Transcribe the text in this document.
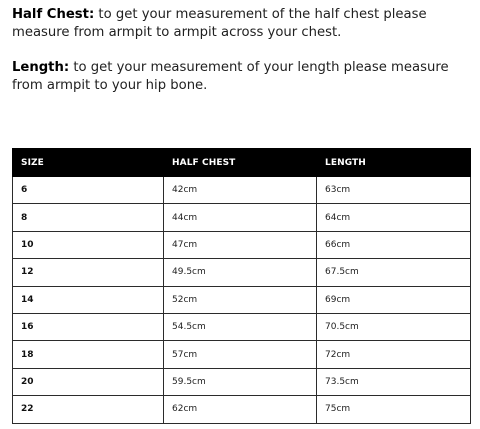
Half Chest: to get your measurement of the half chest please measure from armpit to armpit across your chest.

Length: to get your measurement of your length please measure from armpit to your hip bone.

SIZE	HALF CHEST	LENGTH
6	42cm	63cm
8	44cm	64cm
10	47cm	66cm
12	49.5cm	67.5cm
14	52cm	69cm
16	54.5cm	70.5cm
18	57cm	72cm
20	59.5cm	73.5cm
22	62cm	75cm
